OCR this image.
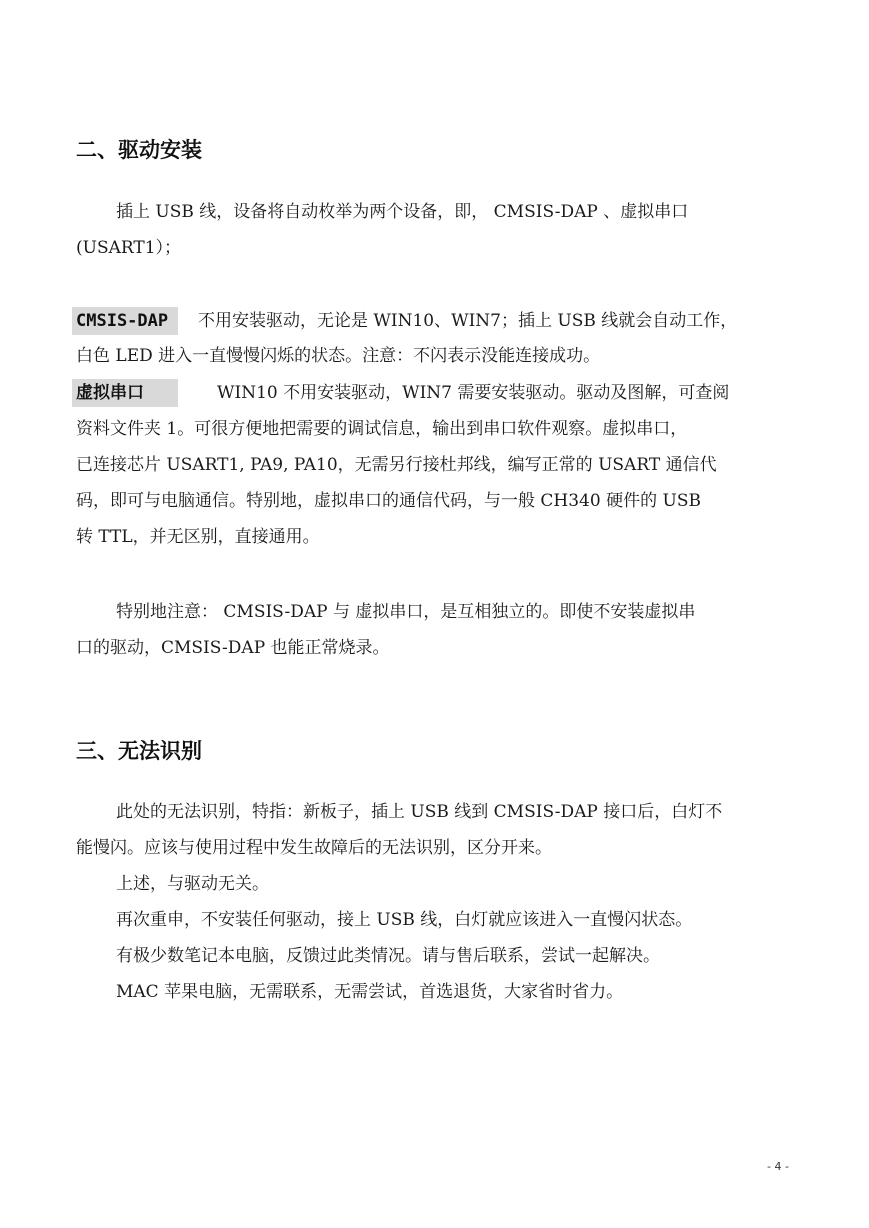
二、驱动安装
插上 USB 线，设备将自动枚举为两个设备，即， CMSIS-DAP 、虚拟串口
(USART1）；
CMSIS-DAP 不用安装驱动，无论是 WIN10、WIN7；插上 USB 线就会自动工作，
白色 LED 进入一直慢慢闪烁的状态。注意：不闪表示没能连接成功。
虚拟串口	WIN10 不用安装驱动，WIN7 需要安装驱动。驱动及图解，可查阅
资料文件夹 1。可很方便地把需要的调试信息，输出到串口软件观察。虚拟串口，
已连接芯片 USART1, PA9, PA10，无需另行接杜邦线，编写正常的 USART 通信代
码，即可与电脑通信。特别地，虚拟串口的通信代码，与一般 CH340 硬件的 USB
转 TTL，并无区别，直接通用。
特别地注意： CMSIS-DAP 与 虚拟串口，是互相独立的。即使不安装虚拟串
口的驱动，CMSIS-DAP 也能正常烧录。
三、无法识别
此处的无法识别，特指：新板子，插上 USB 线到 CMSIS-DAP 接口后，白灯不
能慢闪。应该与使用过程中发生故障后的无法识别，区分开来。
上述，与驱动无关。
再次重申，不安装任何驱动，接上 USB 线，白灯就应该进入一直慢闪状态。
有极少数笔记本电脑，反馈过此类情况。请与售后联系，尝试一起解决。
MAC 苹果电脑，无需联系，无需尝试，首选退货，大家省时省力。
- 4 -
